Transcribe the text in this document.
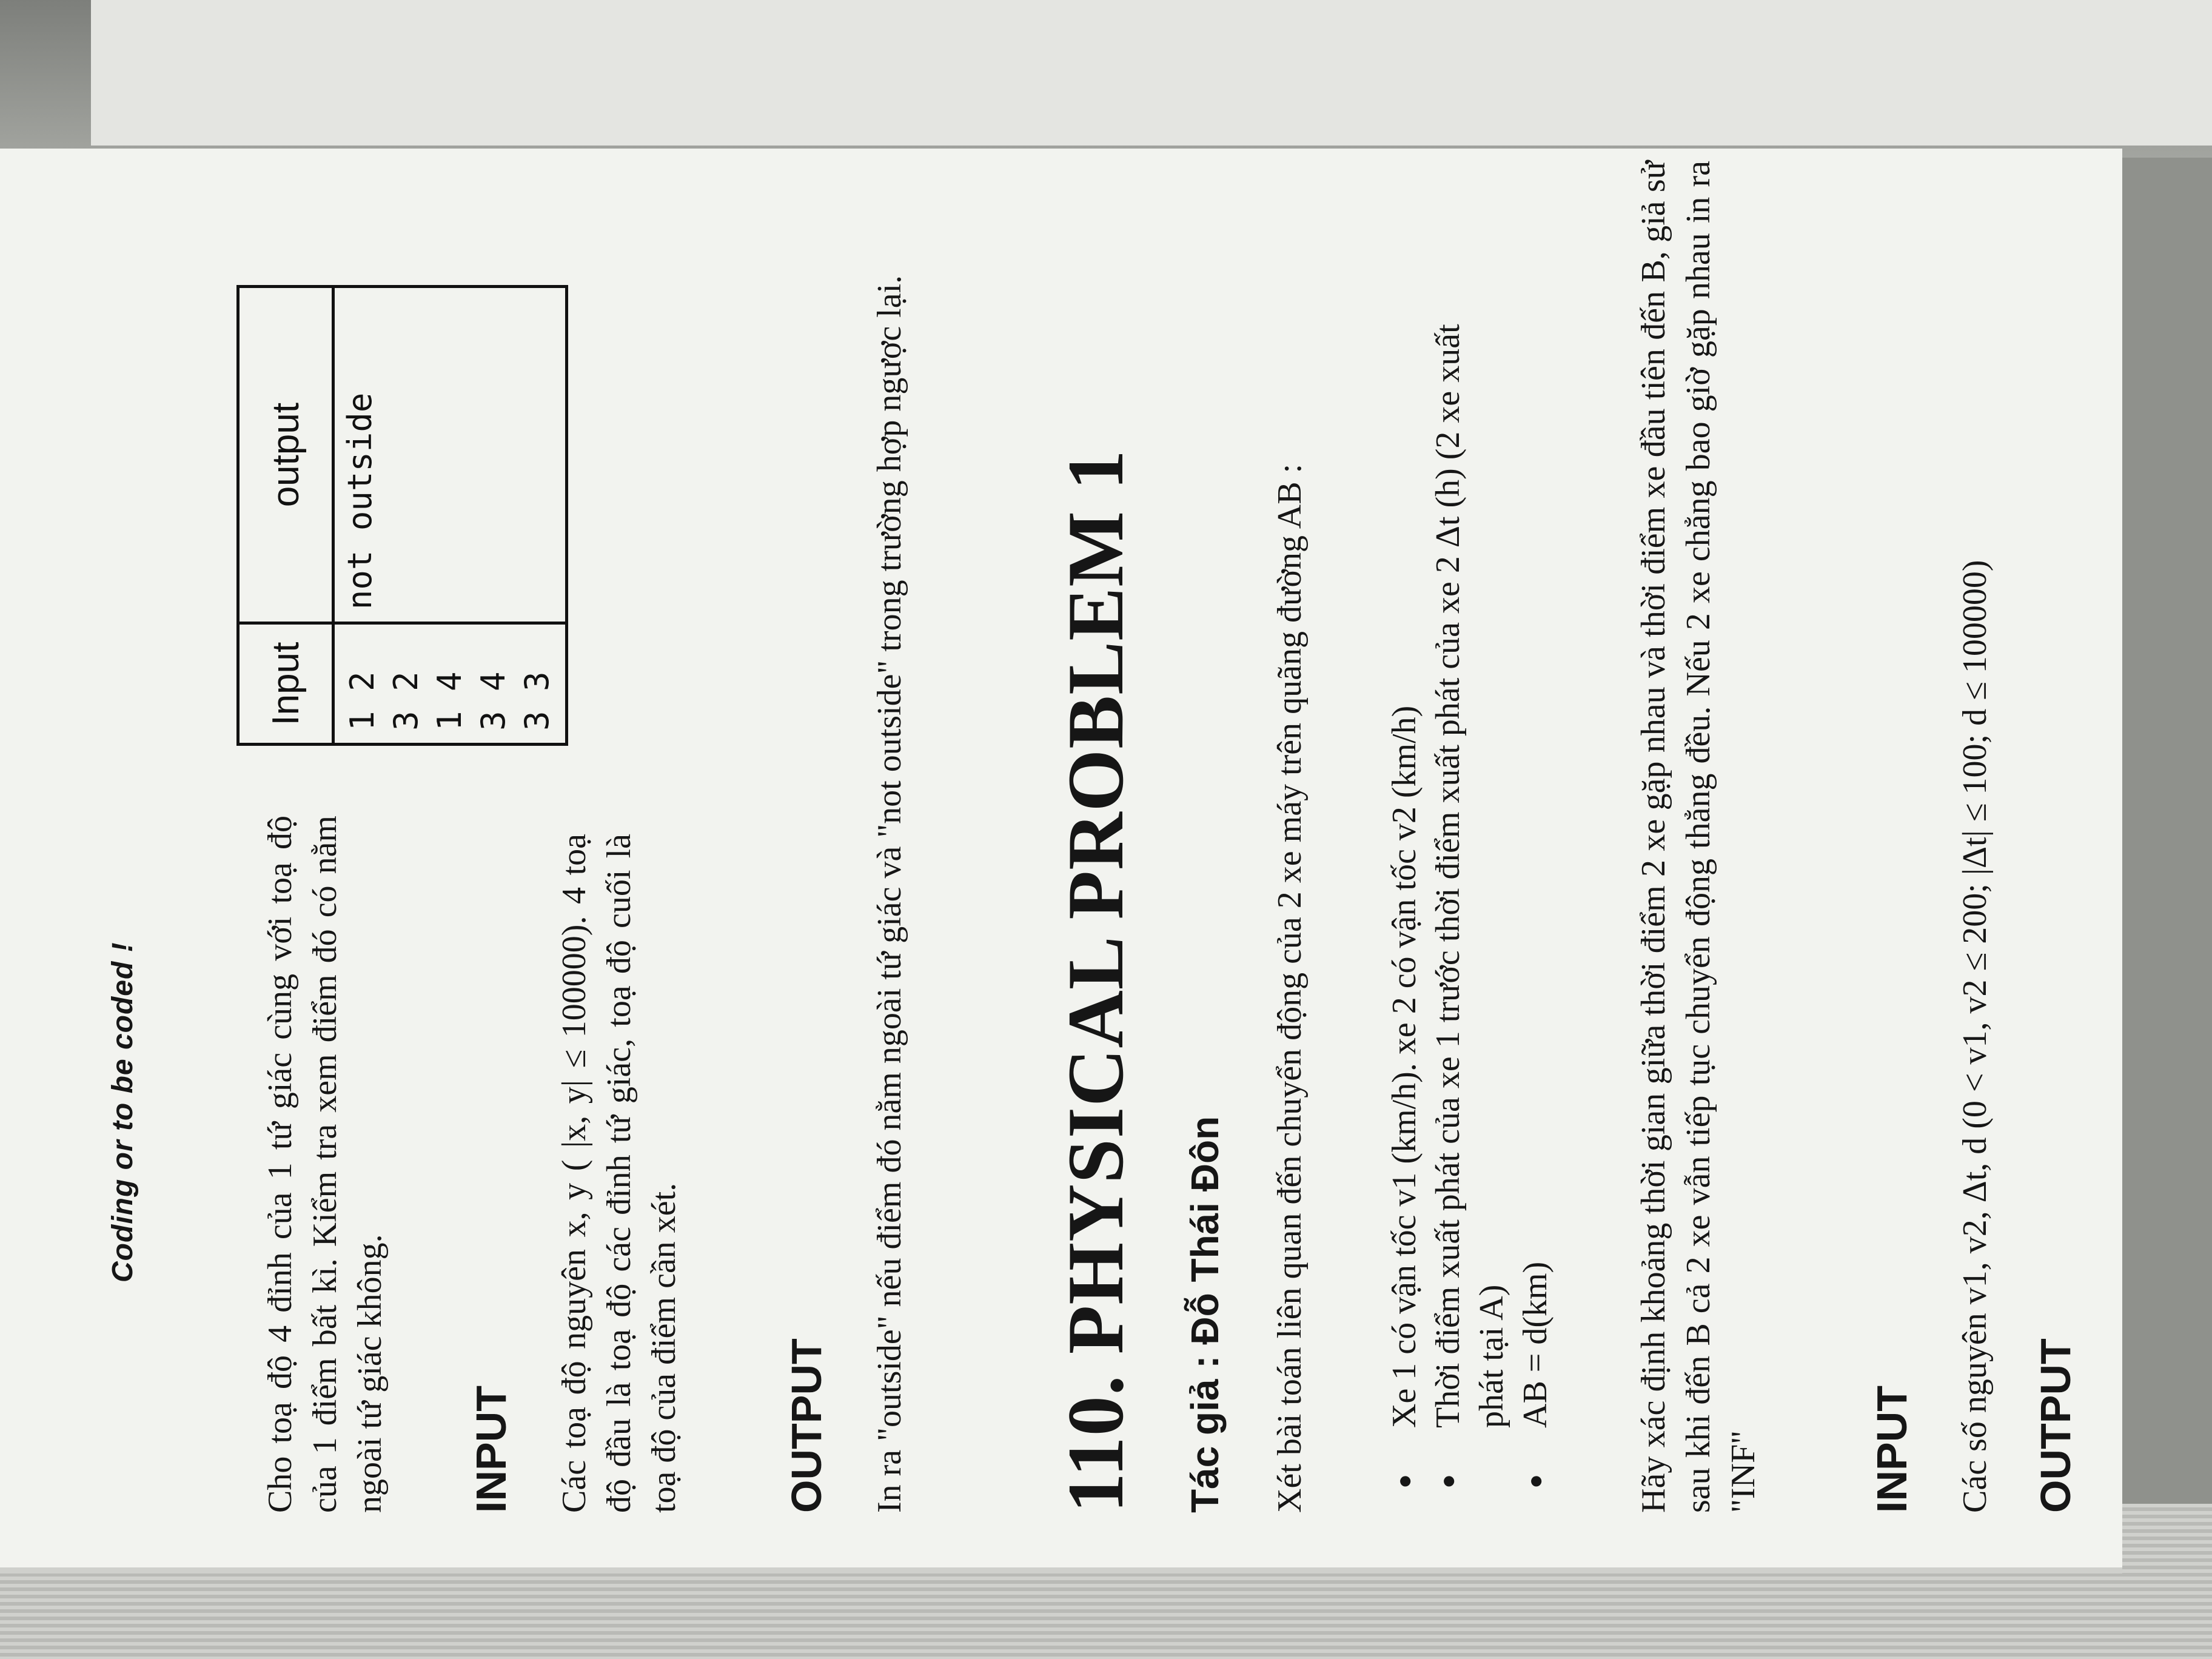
Coding or to be coded !	Cho toạ độ 4 đỉnh của 1 tứ giác cùng với toạ độ của 1 điểm bất kì. Kiểm tra xem điểm đó có nằm ngoài tứ giác không. INPUT Các toạ độ nguyên x, y ( |x, y| ≤ 100000). 4 toạ độ đầu là toạ độ các đỉnh tứ giác, toạ độ cuối là toạ độ của điểm cần xét.
Input	output

1 2 3 2 1 4 3 4 3 3	not outside
OUTPUT In ra "outside" nếu điểm đó nằm ngoài tứ giác và "not outside" trong trường hợp ngược lại. 110. PHYSICAL PROBLEM 1 Tác giả : Đỗ Thái Đôn Xét bài toán liên quan đến chuyển động của 2 xe máy trên quãng đường AB : ● Xe 1 có vận tốc v1 (km/h). xe 2 có vận tốc v2 (km/h) ● Thời điểm xuất phát của xe 1 trước thời điểm xuất phát của xe 2 Δt (h) (2 xe xuất phát tại A) ● AB = d(km) Hãy xác định khoảng thời gian giữa thời điểm 2 xe gặp nhau và thời điểm xe đầu tiên đến B, giả sử sau khi đến B cả 2 xe vẫn tiếp tục chuyển động thẳng đều. Nếu 2 xe chẳng bao giờ gặp nhau in ra "INF"	INPUT Các số nguyên v1, v2, Δt, d (0 < v1, v2 ≤ 200; |Δt| ≤ 100; d ≤ 100000) OUTPUT
